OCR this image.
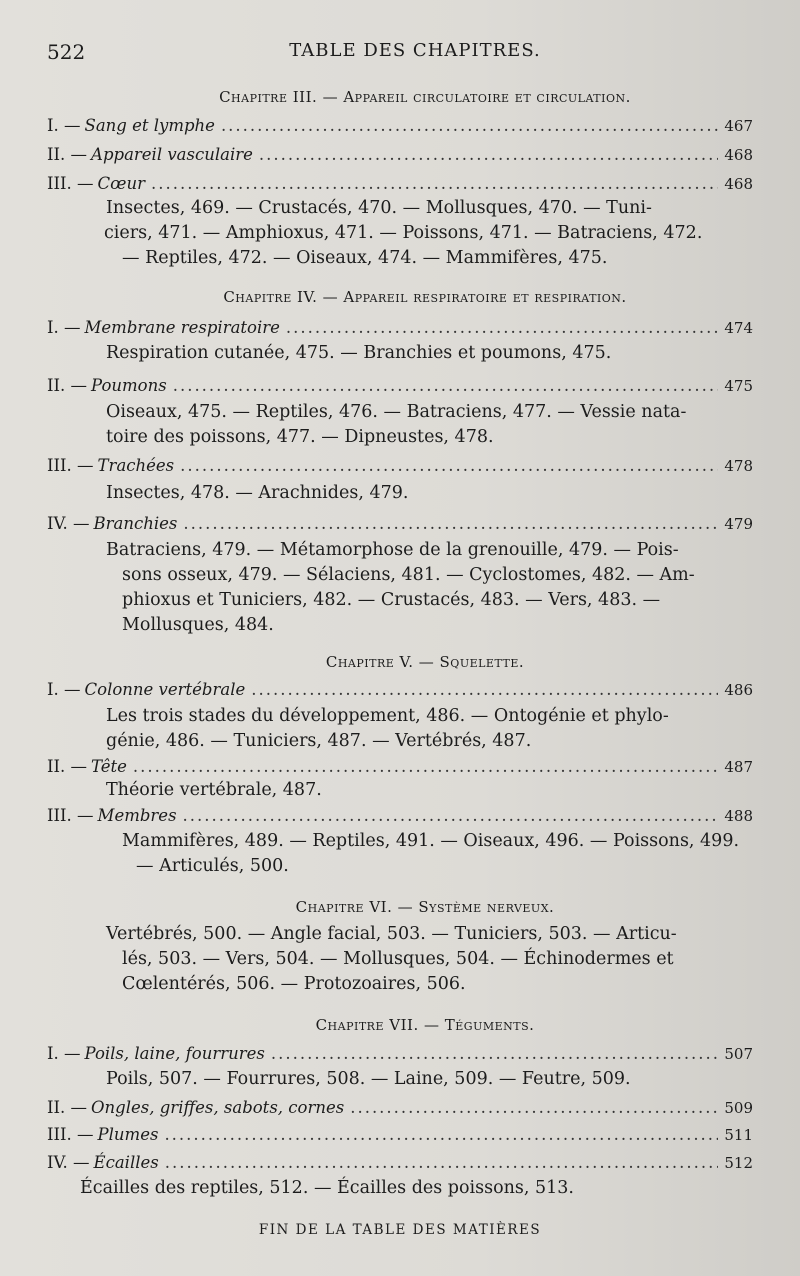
522	TABLE DES CHAPITRES.
Chapitre III. — Appareil circulatoire et circulation.
I. — Sang et lymphe .....	467
II. — Appareil vasculaire .....	468
III. — Cœur .....	468
Insectes, 469. — Crustacés, 470. — Mollusques, 470. — Tuni-
ciers, 471. — Amphioxus, 471. — Poissons, 471. — Batraciens, 472.
— Reptiles, 472. — Oiseaux, 474. — Mammifères, 475.
Chapitre IV. — Appareil respiratoire et respiration.
I. — Membrane respiratoire .....	474
Respiration cutanée, 475. — Branchies et poumons, 475.
II. — Poumons .....	475
Oiseaux, 475. — Reptiles, 476. — Batraciens, 477. — Vessie nata-
toire des poissons, 477. — Dipneustes, 478.
III. — Trachées .....	478
Insectes, 478. — Arachnides, 479.
IV. — Branchies .....	479
Batraciens, 479. — Métamorphose de la grenouille, 479. — Pois-
sons osseux, 479. — Sélaciens, 481. — Cyclostomes, 482. — Am-
phioxus et Tuniciers, 482. — Crustacés, 483. — Vers, 483. —
Mollusques, 484.
Chapitre V. — Squelette.
I. — Colonne vertébrale .....	486
Les trois stades du développement, 486. — Ontogénie et phylo-
génie, 486. — Tuniciers, 487. — Vertébrés, 487.
II. — Tête .....	487
Théorie vertébrale, 487.
III. — Membres .....	488
Mammifères, 489. — Reptiles, 491. — Oiseaux, 496. — Poissons, 499.
— Articulés, 500.
Chapitre VI. — Système nerveux.
Vertébrés, 500. — Angle facial, 503. — Tuniciers, 503. — Articu-
lés, 503. — Vers, 504. — Mollusques, 504. — Échinodermes et
Cœlentérés, 506. — Protozoaires, 506.
Chapitre VII. — Téguments.
I. — Poils, laine, fourrures .....	507
Poils, 507. — Fourrures, 508. — Laine, 509. — Feutre, 509.
II. — Ongles, griffes, sabots, cornes .....	509
III. — Plumes .....	511
IV. — Écailles .....	512
Écailles des reptiles, 512. — Écailles des poissons, 513.
FIN DE LA TABLE DES MATIÈRES
